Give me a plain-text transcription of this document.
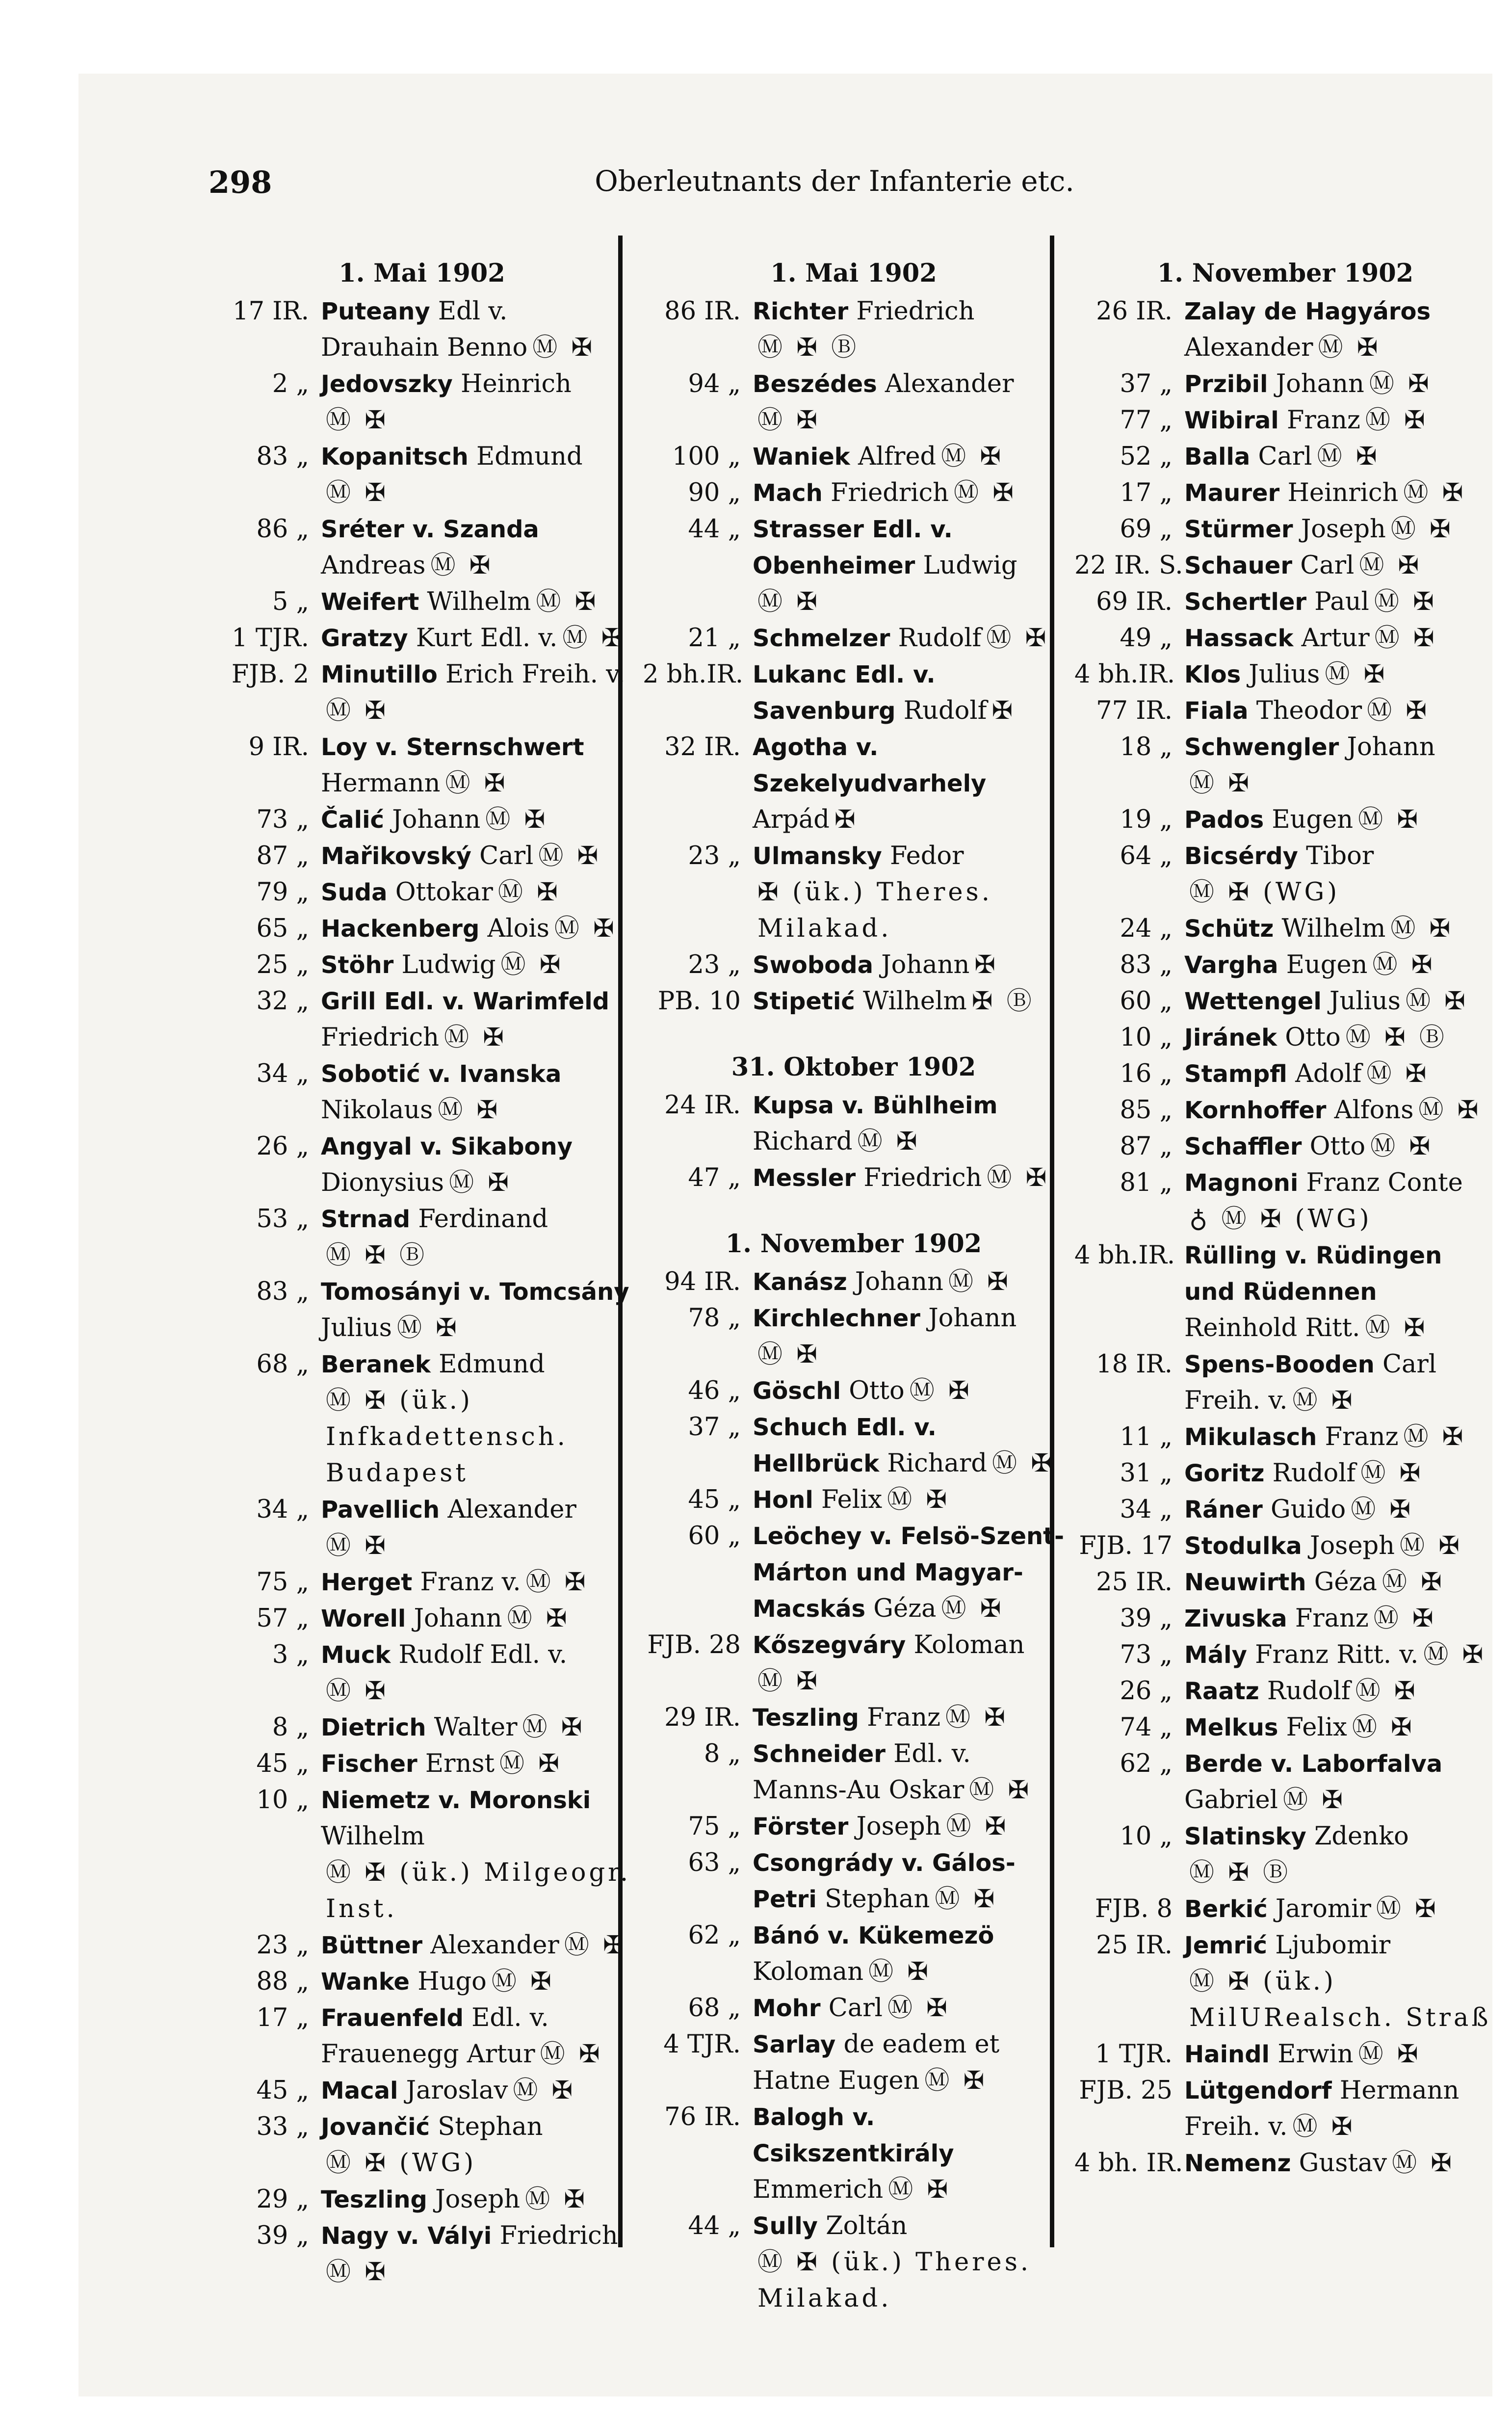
298	Oberleutnants der Infanterie etc.
1. Mai 1902
17 IR. Puteany Edl v. Drauhain Benno Ⓜ ✠
2 „ Jedovszky HeinrichⓂ ✠
83 „ Kopanitsch EdmundⓂ ✠
86 „ Sréter v. Szanda Andreas Ⓜ ✠
5 „ Weifert Wilhelm Ⓜ ✠
1 TJR. Gratzy Kurt Edl. v. Ⓜ ✠
FJB. 2 Minutillo Erich Freih. v.Ⓜ ✠
9 IR. Loy v. Sternschwert Hermann Ⓜ ✠
73 „ Čalić Johann Ⓜ ✠
87 „ Mařikovský Carl Ⓜ ✠
79 „ Suda Ottokar Ⓜ ✠
65 „ Hackenberg Alois Ⓜ ✠
25 „ Stöhr Ludwig Ⓜ ✠
32 „ Grill Edl. v. Warimfeld Friedrich Ⓜ ✠
34 „ Sobotić v. Ivanska Nikolaus Ⓜ ✠
26 „ Angyal v. Sikabony Dionysius Ⓜ ✠
53 „ Strnad FerdinandⓂ ✠ Ⓑ
83 „ Tomosányi v. Tomcsány Julius Ⓜ ✠
68 „ Beranek EdmundⓂ ✠ (ük.) Infkadettensch. Budapest
34 „ Pavellich AlexanderⓂ ✠
75 „ Herget Franz v. Ⓜ ✠
57 „ Worell Johann Ⓜ ✠
3 „ Muck Rudolf Edl. v.Ⓜ ✠
8 „ Dietrich Walter Ⓜ ✠
45 „ Fischer Ernst Ⓜ ✠
10 „ Niemetz v. Moronski WilhelmⓂ ✠ (ük.) Milgeogr. Inst.
23 „ Büttner Alexander Ⓜ ✠
88 „ Wanke Hugo Ⓜ ✠
17 „ Frauenfeld Edl. v. Frauenegg Artur Ⓜ ✠
45 „ Macal Jaroslav Ⓜ ✠
33 „ Jovančić StephanⓂ ✠ (WG)
29 „ Teszling Joseph Ⓜ ✠
39 „ Nagy v. Vályi FriedrichⓂ ✠
1. Mai 1902
86 IR. Richter FriedrichⓂ ✠ Ⓑ
94 „ Beszédes AlexanderⓂ ✠
100 „ Waniek Alfred Ⓜ ✠
90 „ Mach Friedrich Ⓜ ✠
44 „ Strasser Edl. v. Obenheimer LudwigⓂ ✠
21 „ Schmelzer Rudolf Ⓜ ✠
2 bh.IR. Lukanc Edl. v. Savenburg Rudolf ✠
32 IR. Agotha v. Szekelyudvarhely Arpád ✠
23 „ Ulmansky Fedor✠ (ük.) Theres. Milakad.
23 „ Swoboda Johann ✠
PB. 10 Stipetić Wilhelm ✠ Ⓑ
31. Oktober 1902
24 IR. Kupsa v. Bühlheim Richard Ⓜ ✠
47 „ Messler Friedrich Ⓜ ✠
1. November 1902
94 IR. Kanász Johann Ⓜ ✠
78 „ Kirchlechner JohannⓂ ✠
46 „ Göschl Otto Ⓜ ✠
37 „ Schuch Edl. v. Hellbrück Richard Ⓜ ✠
45 „ Honl Felix Ⓜ ✠
60 „ Leöchey v. Felsö-Szent-Márton und Magyar-Macskás Géza Ⓜ ✠
FJB. 28 Kőszegváry KolomanⓂ ✠
29 IR. Teszling Franz Ⓜ ✠
8 „ Schneider Edl. v. Manns-Au Oskar Ⓜ ✠
75 „ Förster Joseph Ⓜ ✠
63 „ Csongrády v. Gálos-Petri Stephan Ⓜ ✠
62 „ Bánó v. Kükemezö Koloman Ⓜ ✠
68 „ Mohr Carl Ⓜ ✠
4 TJR. Sarlay de eadem et Hatne Eugen Ⓜ ✠
76 IR. Balogh v. Csikszentkirály Emmerich Ⓜ ✠
44 „ Sully ZoltánⓂ ✠ (ük.) Theres. Milakad.
1. November 1902
26 IR. Zalay de Hagyáros Alexander Ⓜ ✠
37 „ Przibil Johann Ⓜ ✠
77 „ Wibiral Franz Ⓜ ✠
52 „ Balla Carl Ⓜ ✠
17 „ Maurer Heinrich Ⓜ ✠
69 „ Stürmer Joseph Ⓜ ✠
22 IR. S. Schauer Carl Ⓜ ✠
69 IR. Schertler Paul Ⓜ ✠
49 „ Hassack Artur Ⓜ ✠
4 bh.IR. Klos Julius Ⓜ ✠
77 IR. Fiala Theodor Ⓜ ✠
18 „ Schwengler JohannⓂ ✠
19 „ Pados Eugen Ⓜ ✠
64 „ Bicsérdy TiborⓂ ✠ (WG)
24 „ Schütz Wilhelm Ⓜ ✠
83 „ Vargha Eugen Ⓜ ✠
60 „ Wettengel Julius Ⓜ ✠
10 „ Jiránek Otto Ⓜ ✠ Ⓑ
16 „ Stampfl Adolf Ⓜ ✠
85 „ Kornhoffer Alfons Ⓜ ✠
87 „ Schaffler Otto Ⓜ ✠
81 „ Magnoni Franz Conte♁ Ⓜ ✠ (WG)
4 bh.IR. Rülling v. Rüdingen und Rüdennen Reinhold Ritt. Ⓜ ✠
18 IR. Spens-Booden Carl Freih. v. Ⓜ ✠
11 „ Mikulasch Franz Ⓜ ✠
31 „ Goritz Rudolf Ⓜ ✠
34 „ Ráner Guido Ⓜ ✠
FJB. 17 Stodulka Joseph Ⓜ ✠
25 IR. Neuwirth Géza Ⓜ ✠
39 „ Zivuska Franz Ⓜ ✠
73 „ Mály Franz Ritt. v. Ⓜ ✠
26 „ Raatz Rudolf Ⓜ ✠
74 „ Melkus Felix Ⓜ ✠
62 „ Berde v. Laborfalva Gabriel Ⓜ ✠
10 „ Slatinsky ZdenkoⓂ ✠ Ⓑ
FJB. 8 Berkić Jaromir Ⓜ ✠
25 IR. Jemrić LjubomirⓂ ✠ (ük.) MilURealsch. Straß
1 TJR. Haindl Erwin Ⓜ ✠
FJB. 25 Lütgendorf Hermann Freih. v. Ⓜ ✠
4 bh. IR. Nemenz Gustav Ⓜ ✠
